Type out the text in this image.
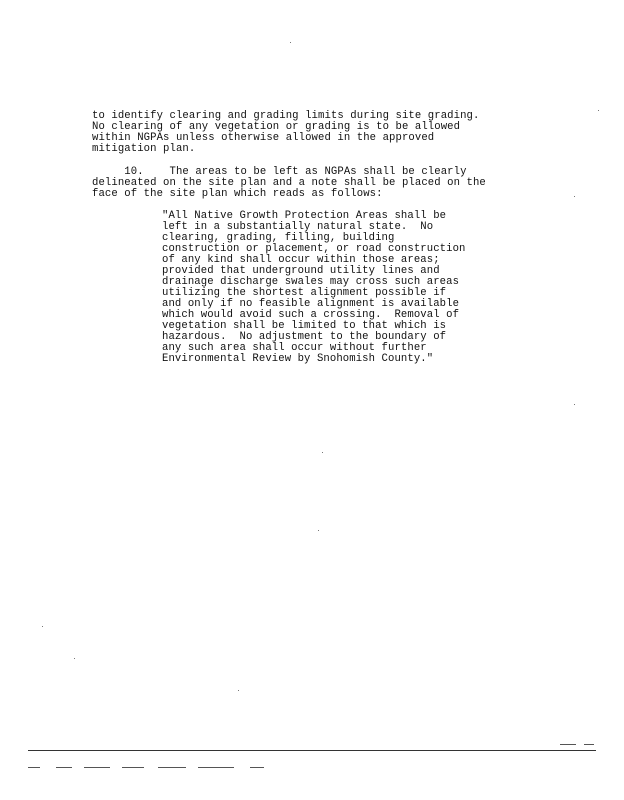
to identify clearing and grading limits during site grading.
No clearing of any vegetation or grading is to be allowed
within NGPAs unless otherwise allowed in the approved
mitigation plan.
10.    The areas to be left as NGPAs shall be clearly
delineated on the site plan and a note shall be placed on the
face of the site plan which reads as follows:
"All Native Growth Protection Areas shall be
left in a substantially natural state.  No
clearing, grading, filling, building
construction or placement, or road construction
of any kind shall occur within those areas;
provided that underground utility lines and
drainage discharge swales may cross such areas
utilizing the shortest alignment possible if
and only if no feasible alignment is available
which would avoid such a crossing.  Removal of
vegetation shall be limited to that which is
hazardous.  No adjustment to the boundary of
any such area shall occur without further
Environmental Review by Snohomish County."
